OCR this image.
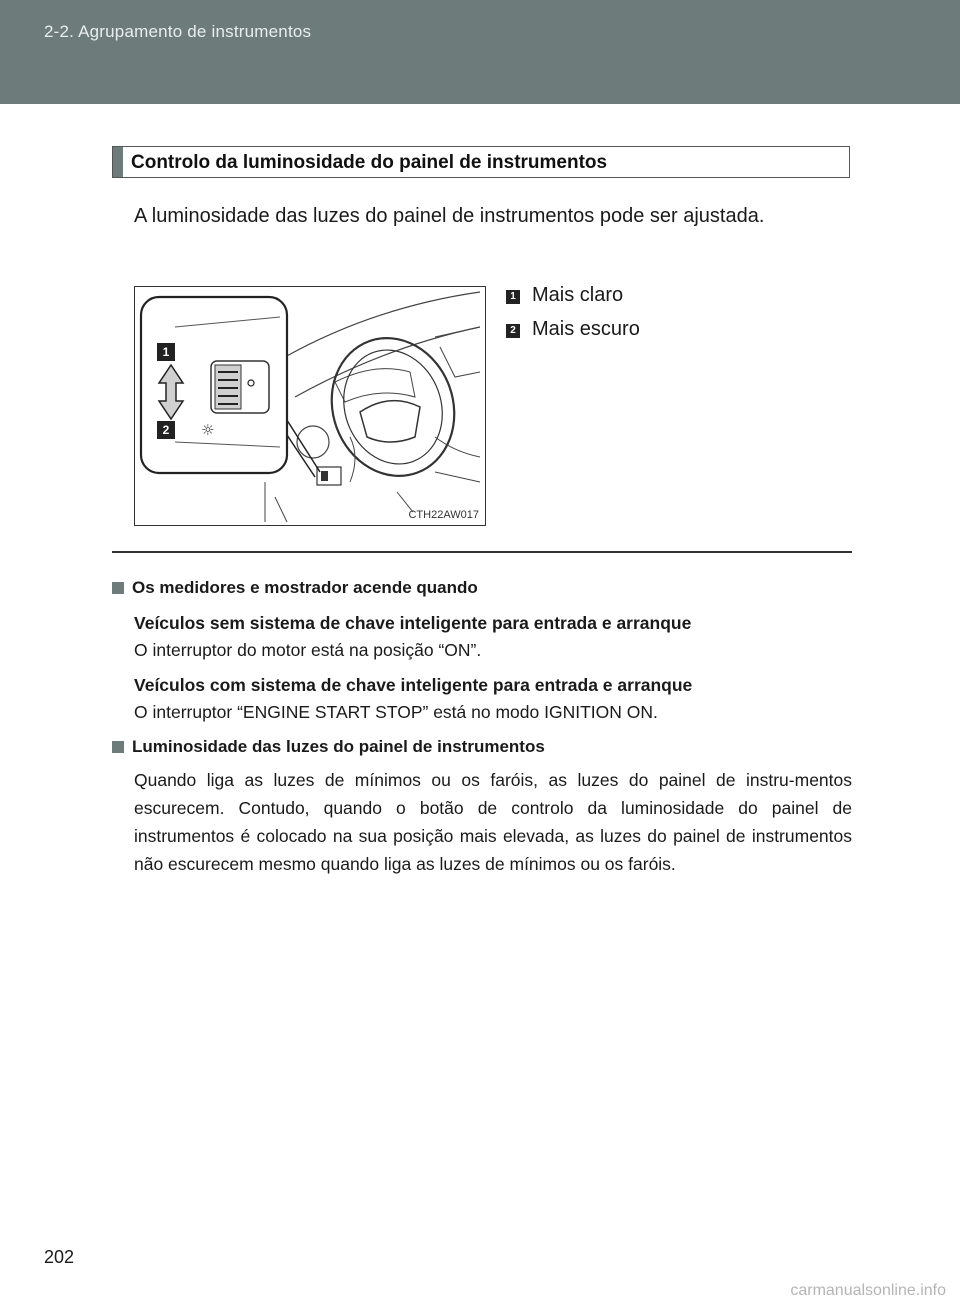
2-2. Agrupamento de instrumentos
Controlo da luminosidade do painel de instrumentos
A luminosidade das luzes do painel de instrumentos pode ser ajustada.
☼
1
2
CTH22AW017
1 Mais claro
2 Mais escuro
Os medidores e mostrador acende quando
Veículos sem sistema de chave inteligente para entrada e arranque
O interruptor do motor está na posição “ON”.
Veículos com sistema de chave inteligente para entrada e arranque
O interruptor “ENGINE START STOP” está no modo IGNITION ON.
Luminosidade das luzes do painel de instrumentos
Quando liga as luzes de mínimos ou os faróis, as luzes do painel de instru-mentos escurecem. Contudo, quando o botão de controlo da luminosidade do painel de instrumentos é colocado na sua posição mais elevada, as luzes do painel de instrumentos não escurecem mesmo quando liga as luzes de mínimos ou os faróis.
202
carmanualsonline.info
